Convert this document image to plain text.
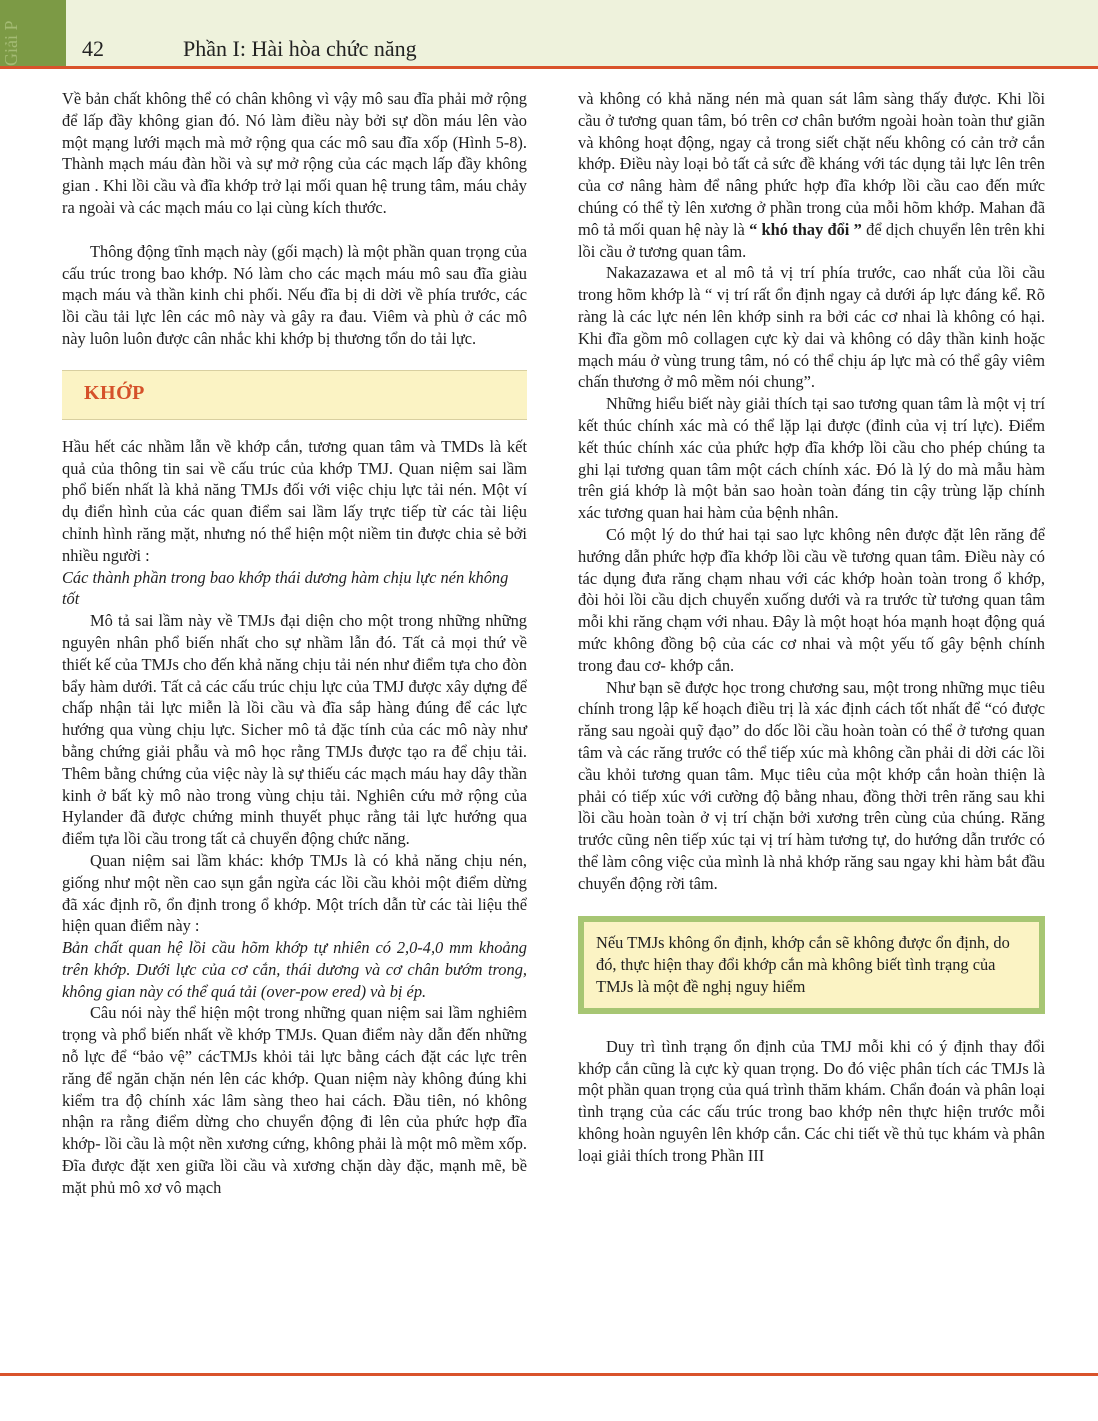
Giải P	42	Phần I: Hài hòa chức năng

Về bản chất không thể có chân không vì vậy mô sau đĩa phải mở rộng để lấp đầy không gian đó. Nó làm điều này bởi sự dồn máu lên vào một mạng lưới mạch mà mở rộng qua các mô sau đĩa xốp (Hình 5-8). Thành mạch máu đàn hồi và sự mở rộng của các mạch lấp đầy không gian . Khi lồi cầu và đĩa khớp trở lại mối quan hệ trung tâm, máu chảy ra ngoài và các mạch máu co lại cùng kích thước.

Thông động tĩnh mạch này (gối mạch) là một phần quan trọng của cấu trúc trong bao khớp. Nó làm cho các mạch máu mô sau đĩa giàu mạch máu và thần kinh chi phối. Nếu đĩa bị di dời về phía trước, các lồi cầu tải lực lên các mô này và gây ra đau. Viêm và phù ở các mô này luôn luôn được cân nhắc khi khớp bị thương tổn do tải lực.

KHỚP

Hầu hết các nhầm lẫn về khớp cắn, tương quan tâm và TMDs là kết quả của thông tin sai về cấu trúc của khớp TMJ. Quan niệm sai lầm phổ biến nhất là khả năng TMJs đối với việc chịu lực tải nén. Một ví dụ điển hình của các quan điểm sai lầm lấy trực tiếp từ các tài liệu chỉnh hình răng mặt, nhưng nó thể hiện một niềm tin được chia sẻ bởi nhiều người :

Các thành phần trong bao khớp thái dương hàm chịu lực nén không tốt

Mô tả sai lầm này về TMJs đại diện cho một trong những những nguyên nhân phổ biến nhất cho sự nhầm lẫn đó. Tất cả mọi thứ về thiết kế của TMJs cho đến khả năng chịu tải nén như điểm tựa cho đòn bẩy hàm dưới. Tất cả các cấu trúc chịu lực của TMJ được xây dựng để chấp nhận tải lực miễn là lồi cầu và đĩa sắp hàng đúng để các lực hướng qua vùng chịu lực. Sicher mô tả đặc tính của các mô này như bằng chứng giải phẫu và mô học rằng TMJs được tạo ra để chịu tải. Thêm bằng chứng của việc này là sự thiếu các mạch máu hay dây thần kinh ở bất kỳ mô nào trong vùng chịu tải. Nghiên cứu mở rộng của Hylander đã được chứng minh thuyết phục rằng tải lực hướng qua điểm tựa lồi cầu trong tất cả chuyển động chức năng.

Quan niệm sai lầm khác: khớp TMJs là có khả năng chịu nén, giống như một nền cao sụn gắn ngừa các lồi cầu khỏi một điểm dừng đã xác định rõ, ổn định trong ổ khớp. Một trích dẫn từ các tài liệu thể hiện quan điểm này :

Bản chất quan hệ lồi cầu hõm khớp tự nhiên có 2,0-4,0 mm khoảng trên khớp. Dưới lực của cơ cắn, thái dương và cơ chân bướm trong, không gian này có thể quá tải (over-pow ered) và bị ép.

Câu nói này thể hiện một trong những quan niệm sai lầm nghiêm trọng và phổ biến nhất về khớp TMJs. Quan điểm này dẫn đến những nỗ lực để “bảo vệ” cácTMJs khỏi tải lực bằng cách đặt các lực trên răng để ngăn chặn nén lên các khớp. Quan niệm này không đúng khi kiểm tra độ chính xác lâm sàng theo hai cách. Đầu tiên, nó không nhận ra rằng điểm dừng cho chuyển động đi lên của phức hợp đĩa khớp- lồi cầu là một nền xương cứng, không phải là một mô mềm xốp. Đĩa được đặt xen giữa lồi cầu và xương chặn dày đặc, mạnh mẽ, bề mặt phủ mô xơ vô mạch

và không có khả năng nén mà quan sát lâm sàng thấy được. Khi lồi cầu ở tương quan tâm, bó trên cơ chân bướm ngoài hoàn toàn thư giãn và không hoạt động, ngay cả trong siết chặt nếu không có cản trở cắn khớp. Điều này loại bỏ tất cả sức đề kháng với tác dụng tải lực lên trên của cơ nâng hàm để nâng phức hợp đĩa khớp lồi cầu cao đến mức chúng có thể tỳ lên xương ở phần trong của mỗi hõm khớp. Mahan đã mô tả mối quan hệ này là “ khó thay đổi ” để dịch chuyển lên trên khi lồi cầu ở tương quan tâm.

Nakazazawa et al mô tả vị trí phía trước, cao nhất của lồi cầu trong hõm khớp là “ vị trí rất ổn định ngay cả dưới áp lực đáng kể. Rõ ràng là các lực nén lên khớp sinh ra bởi các cơ nhai là không có hại. Khi đĩa gồm mô collagen cực kỳ dai và không có dây thần kinh hoặc mạch máu ở vùng trung tâm, nó có thể chịu áp lực mà có thể gây viêm chấn thương ở mô mềm nói chung”.

Những hiểu biết này giải thích tại sao tương quan tâm là một vị trí kết thúc chính xác mà có thể lặp lại được (đỉnh của vị trí lực). Điểm kết thúc chính xác của phức hợp đĩa khớp lồi cầu cho phép chúng ta ghi lại tương quan tâm một cách chính xác. Đó là lý do mà mẫu hàm trên giá khớp là một bản sao hoàn toàn đáng tin cậy trùng lặp chính xác tương quan hai hàm của bệnh nhân.

Có một lý do thứ hai tại sao lực không nên được đặt lên răng để hướng dẫn phức hợp đĩa khớp lồi cầu về tương quan tâm. Điều này có tác dụng đưa răng chạm nhau với các khớp hoàn toàn trong ổ khớp, đòi hỏi lồi cầu dịch chuyển xuống dưới và ra trước từ tương quan tâm mỗi khi răng chạm với nhau. Đây là một hoạt hóa mạnh hoạt động quá mức không đồng bộ của các cơ nhai và một yếu tố gây bệnh chính trong đau cơ- khớp cắn.

Như bạn sẽ được học trong chương sau, một trong những mục tiêu chính trong lập kế hoạch điều trị là xác định cách tốt nhất để “có được răng sau ngoài quỹ đạo” do dốc lồi cầu hoàn toàn có thể ở tương quan tâm và các răng trước có thể tiếp xúc mà không cần phải di dời các lồi cầu khỏi tương quan tâm. Mục tiêu của một khớp cắn hoàn thiện là phải có tiếp xúc với cường độ bằng nhau, đồng thời trên răng sau khi lồi cầu hoàn toàn ở vị trí chặn bởi xương trên cùng của chúng. Răng trước cũng nên tiếp xúc tại vị trí hàm tương tự, do hướng dẫn trước có thể làm công việc của mình là nhả khớp răng sau ngay khi hàm bắt đầu chuyển động rời tâm.

Nếu TMJs không ổn định, khớp cắn sẽ không được ổn định, do đó, thực hiện thay đổi khớp cắn mà không biết tình trạng của TMJs là một đề nghị nguy hiểm

Duy trì tình trạng ổn định của TMJ mỗi khi có ý định thay đổi khớp cắn cũng là cực kỳ quan trọng. Do đó việc phân tích các TMJs là một phần quan trọng của quá trình thăm khám. Chẩn đoán và phân loại tình trạng của các cấu trúc trong bao khớp nên thực hiện trước mỗi không hoàn nguyên lên khớp cắn. Các chi tiết về thủ tục khám và phân loại giải thích trong Phần III
